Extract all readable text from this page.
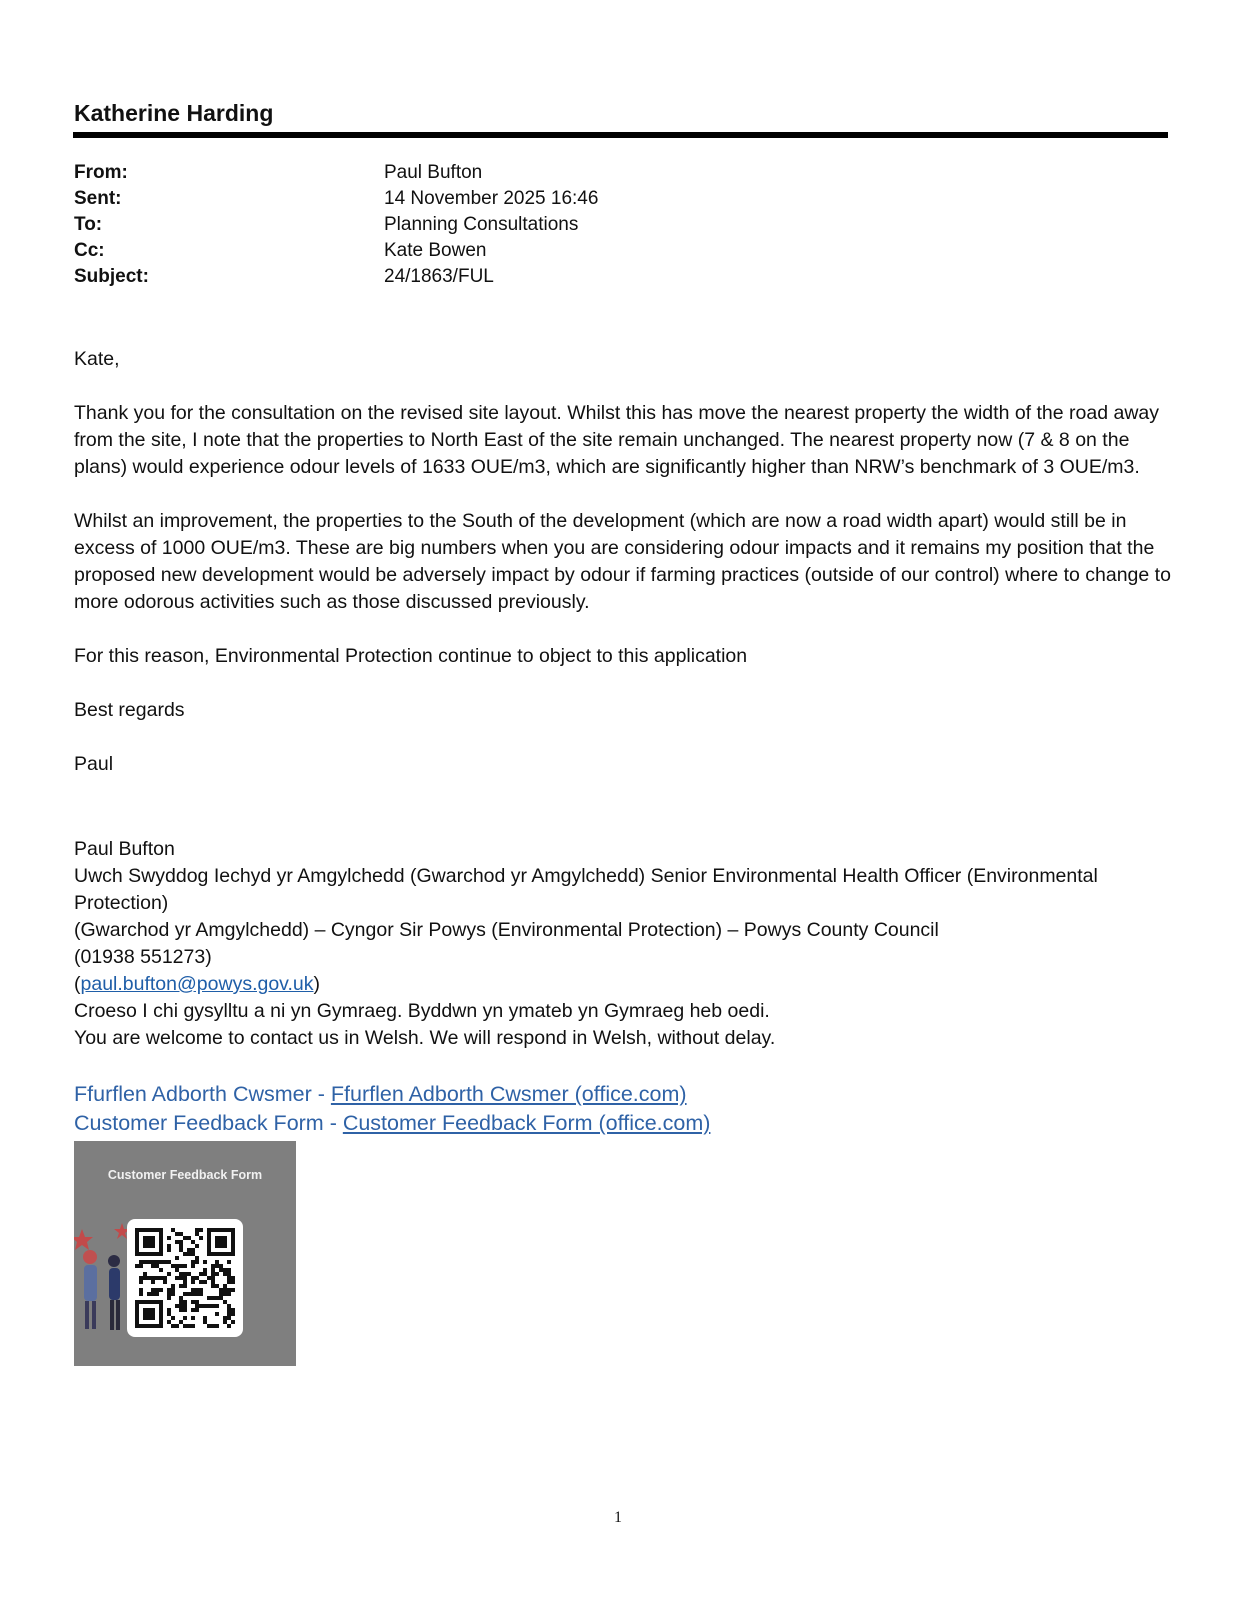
Katherine Harding
From:	Paul Bufton
Sent:	14 November 2025 16:46
To:	Planning Consultations
Cc:	Kate Bowen
Subject:	24/1863/FUL

Kate,

Thank you for the consultation on the revised site layout. Whilst this has move the nearest property the width of the road away from the site, I note that the properties to North East of the site remain unchanged. The nearest property now (7 & 8 on the plans) would experience odour levels of 1633 OUE/m3, which are significantly higher than NRW’s benchmark of 3 OUE/m3.

Whilst an improvement, the properties to the South of the development (which are now a road width apart) would still be in excess of 1000 OUE/m3. These are big numbers when you are considering odour impacts and it remains my position that the proposed new development would be adversely impact by odour if farming practices (outside of our control) where to change to more odorous activities such as those discussed previously.

For this reason, Environmental Protection continue to object to this application

Best regards

Paul

Paul Bufton
Uwch Swyddog Iechyd yr Amgylchedd (Gwarchod yr Amgylchedd) Senior Environmental Health Officer (Environmental Protection)
(Gwarchod yr Amgylchedd) – Cyngor Sir Powys (Environmental Protection) – Powys County Council
(01938 551273)
(paul.bufton@powys.gov.uk)
Croeso I chi gysylltu a ni yn Gymraeg. Byddwn yn ymateb yn Gymraeg heb oedi.
You are welcome to contact us in Welsh. We will respond in Welsh, without delay.
Ffurflen Adborth Cwsmer - Ffurflen Adborth Cwsmer (office.com)
Customer Feedback Form - Customer Feedback Form (office.com)
Customer Feedback Form
1
